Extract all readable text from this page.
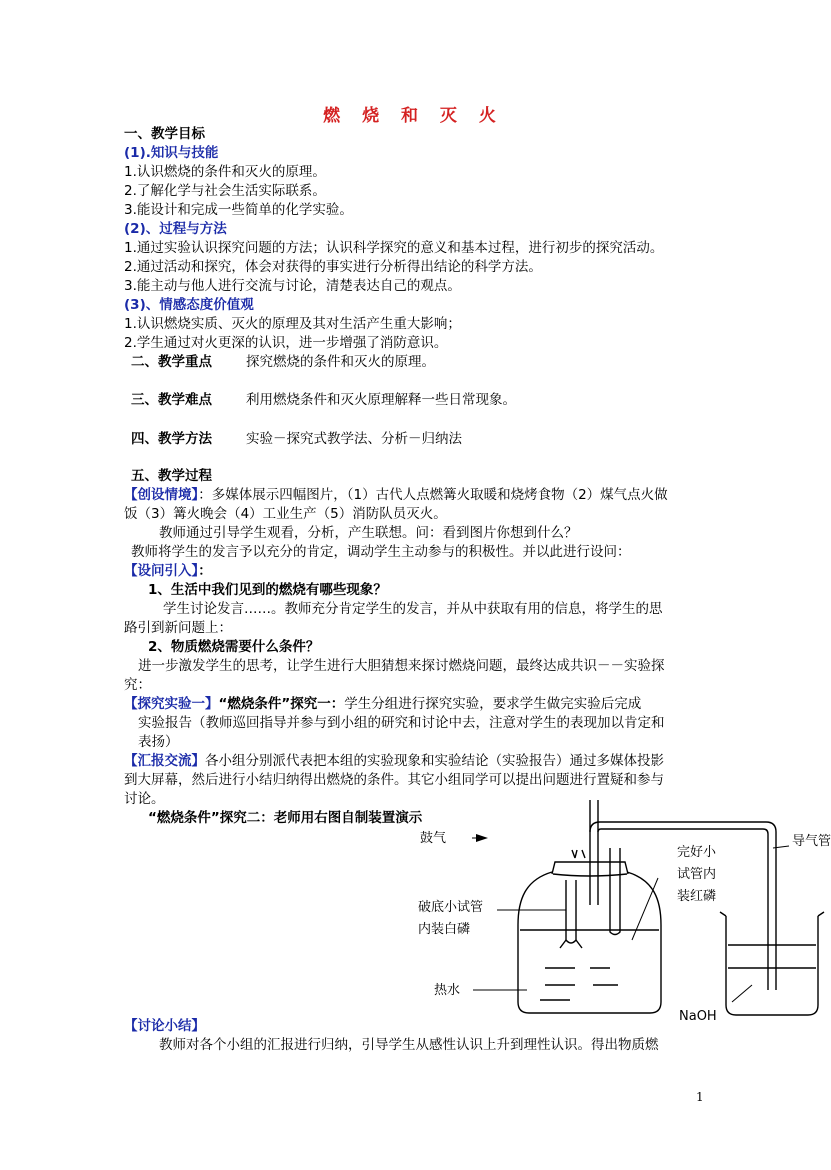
燃 烧 和 灭 火
一、教学目标
(1).知识与技能
1.认识燃烧的条件和灭火的原理。
2.了解化学与社会生活实际联系。
3.能设计和完成一些简单的化学实验。
(2)、过程与方法
1.通过实验认识探究问题的方法；认识科学探究的意义和基本过程，进行初步的探究活动。
2.通过活动和探究，体会对获得的事实进行分析得出结论的科学方法。
3.能主动与他人进行交流与讨论，清楚表达自己的观点。
(3)、情感态度价值观
1.认识燃烧实质、灭火的原理及其对生活产生重大影响；
2.学生通过对火更深的认识，进一步增强了消防意识。
二、教学重点	探究燃烧的条件和灭火的原理。
三、教学难点	利用燃烧条件和灭火原理解释一些日常现象。
四、教学方法	实验－探究式教学法、分析－归纳法
五、教学过程
【创设情境】：多媒体展示四幅图片，（1）古代人点燃篝火取暖和烧烤食物（2）煤气点火做
饭（3）篝火晚会（4）工业生产（5）消防队员灭火。
教师通过引导学生观看，分析，产生联想。问：看到图片你想到什么？
教师将学生的发言予以充分的肯定，调动学生主动参与的积极性。并以此进行设问：
【设问引入】：
1、生活中我们见到的燃烧有哪些现象？
学生讨论发言……。教师充分肯定学生的发言，并从中获取有用的信息，将学生的思
路引到新问题上：
2、物质燃烧需要什么条件？
进一步激发学生的思考，让学生进行大胆猜想来探讨燃烧问题，最终达成共识－－实验探
究：
【探究实验一】“燃烧条件”探究一：学生分组进行探究实验，要求学生做完实验后完成
实验报告（教师巡回指导并参与到小组的研究和讨论中去，注意对学生的表现加以肯定和
表扬）
【汇报交流】各小组分别派代表把本组的实验现象和实验结论（实验报告）通过多媒体投影
到大屏幕，然后进行小结归纳得出燃烧的条件。其它小组同学可以提出问题进行置疑和参与
讨论。
“燃烧条件”探究二：老师用右图自制装置演示
鼓气	导气管
完好小
试管内
装红磷
破底小试管
内装白磷
热水
NaOH
【讨论小结】
教师对各个小组的汇报进行归纳，引导学生从感性认识上升到理性认识。得出物质燃
1
